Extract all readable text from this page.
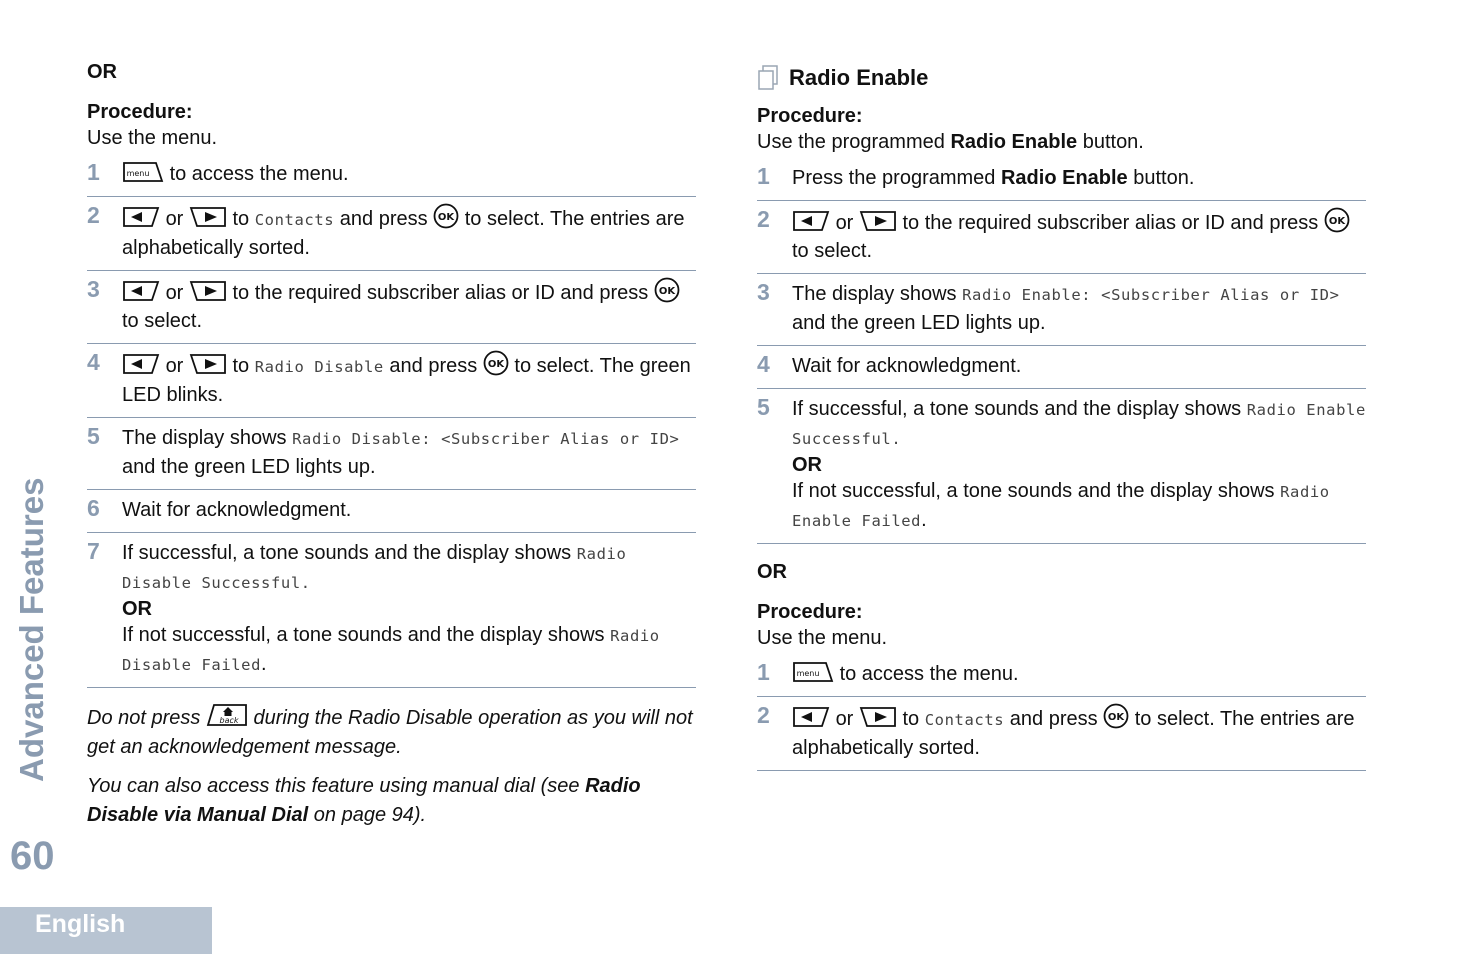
Advanced Features
60
English
OR
Procedure:
Use the menu.
1	to access the menu.
2	or to Contacts and press to select. The entries are alphabetically sorted.
3	or to the required subscriber alias or ID and press  to select.
4	or to Radio Disable and press to select. The green LED blinks.
5 The display shows Radio Disable: <Subscriber Alias or ID> and the green LED lights up.
6 Wait for acknowledgment.
7 If successful, a tone sounds and the display shows Radio Disable Successful.
OR
If not successful, a tone sounds and the display shows Radio Disable Failed.
Do not press	during the Radio Disable operation as you will not get an acknowledgement message.
You can also access this feature using manual dial (see Radio Disable via Manual Dial on page 94).
Radio Enable
Procedure:
Use the programmed Radio Enable button.
1 Press the programmed Radio Enable button.
2	or to the required subscriber alias or ID and press  to select.
3 The display shows Radio Enable: <Subscriber Alias or ID> and the green LED lights up.
4 Wait for acknowledgment.
5 If successful, a tone sounds and the display shows Radio Enable Successful.
OR
If not successful, a tone sounds and the display shows Radio Enable Failed.
OR
Procedure:
Use the menu.
1	to access the menu.
2	or to Contacts and press to select. The entries are alphabetically sorted.
